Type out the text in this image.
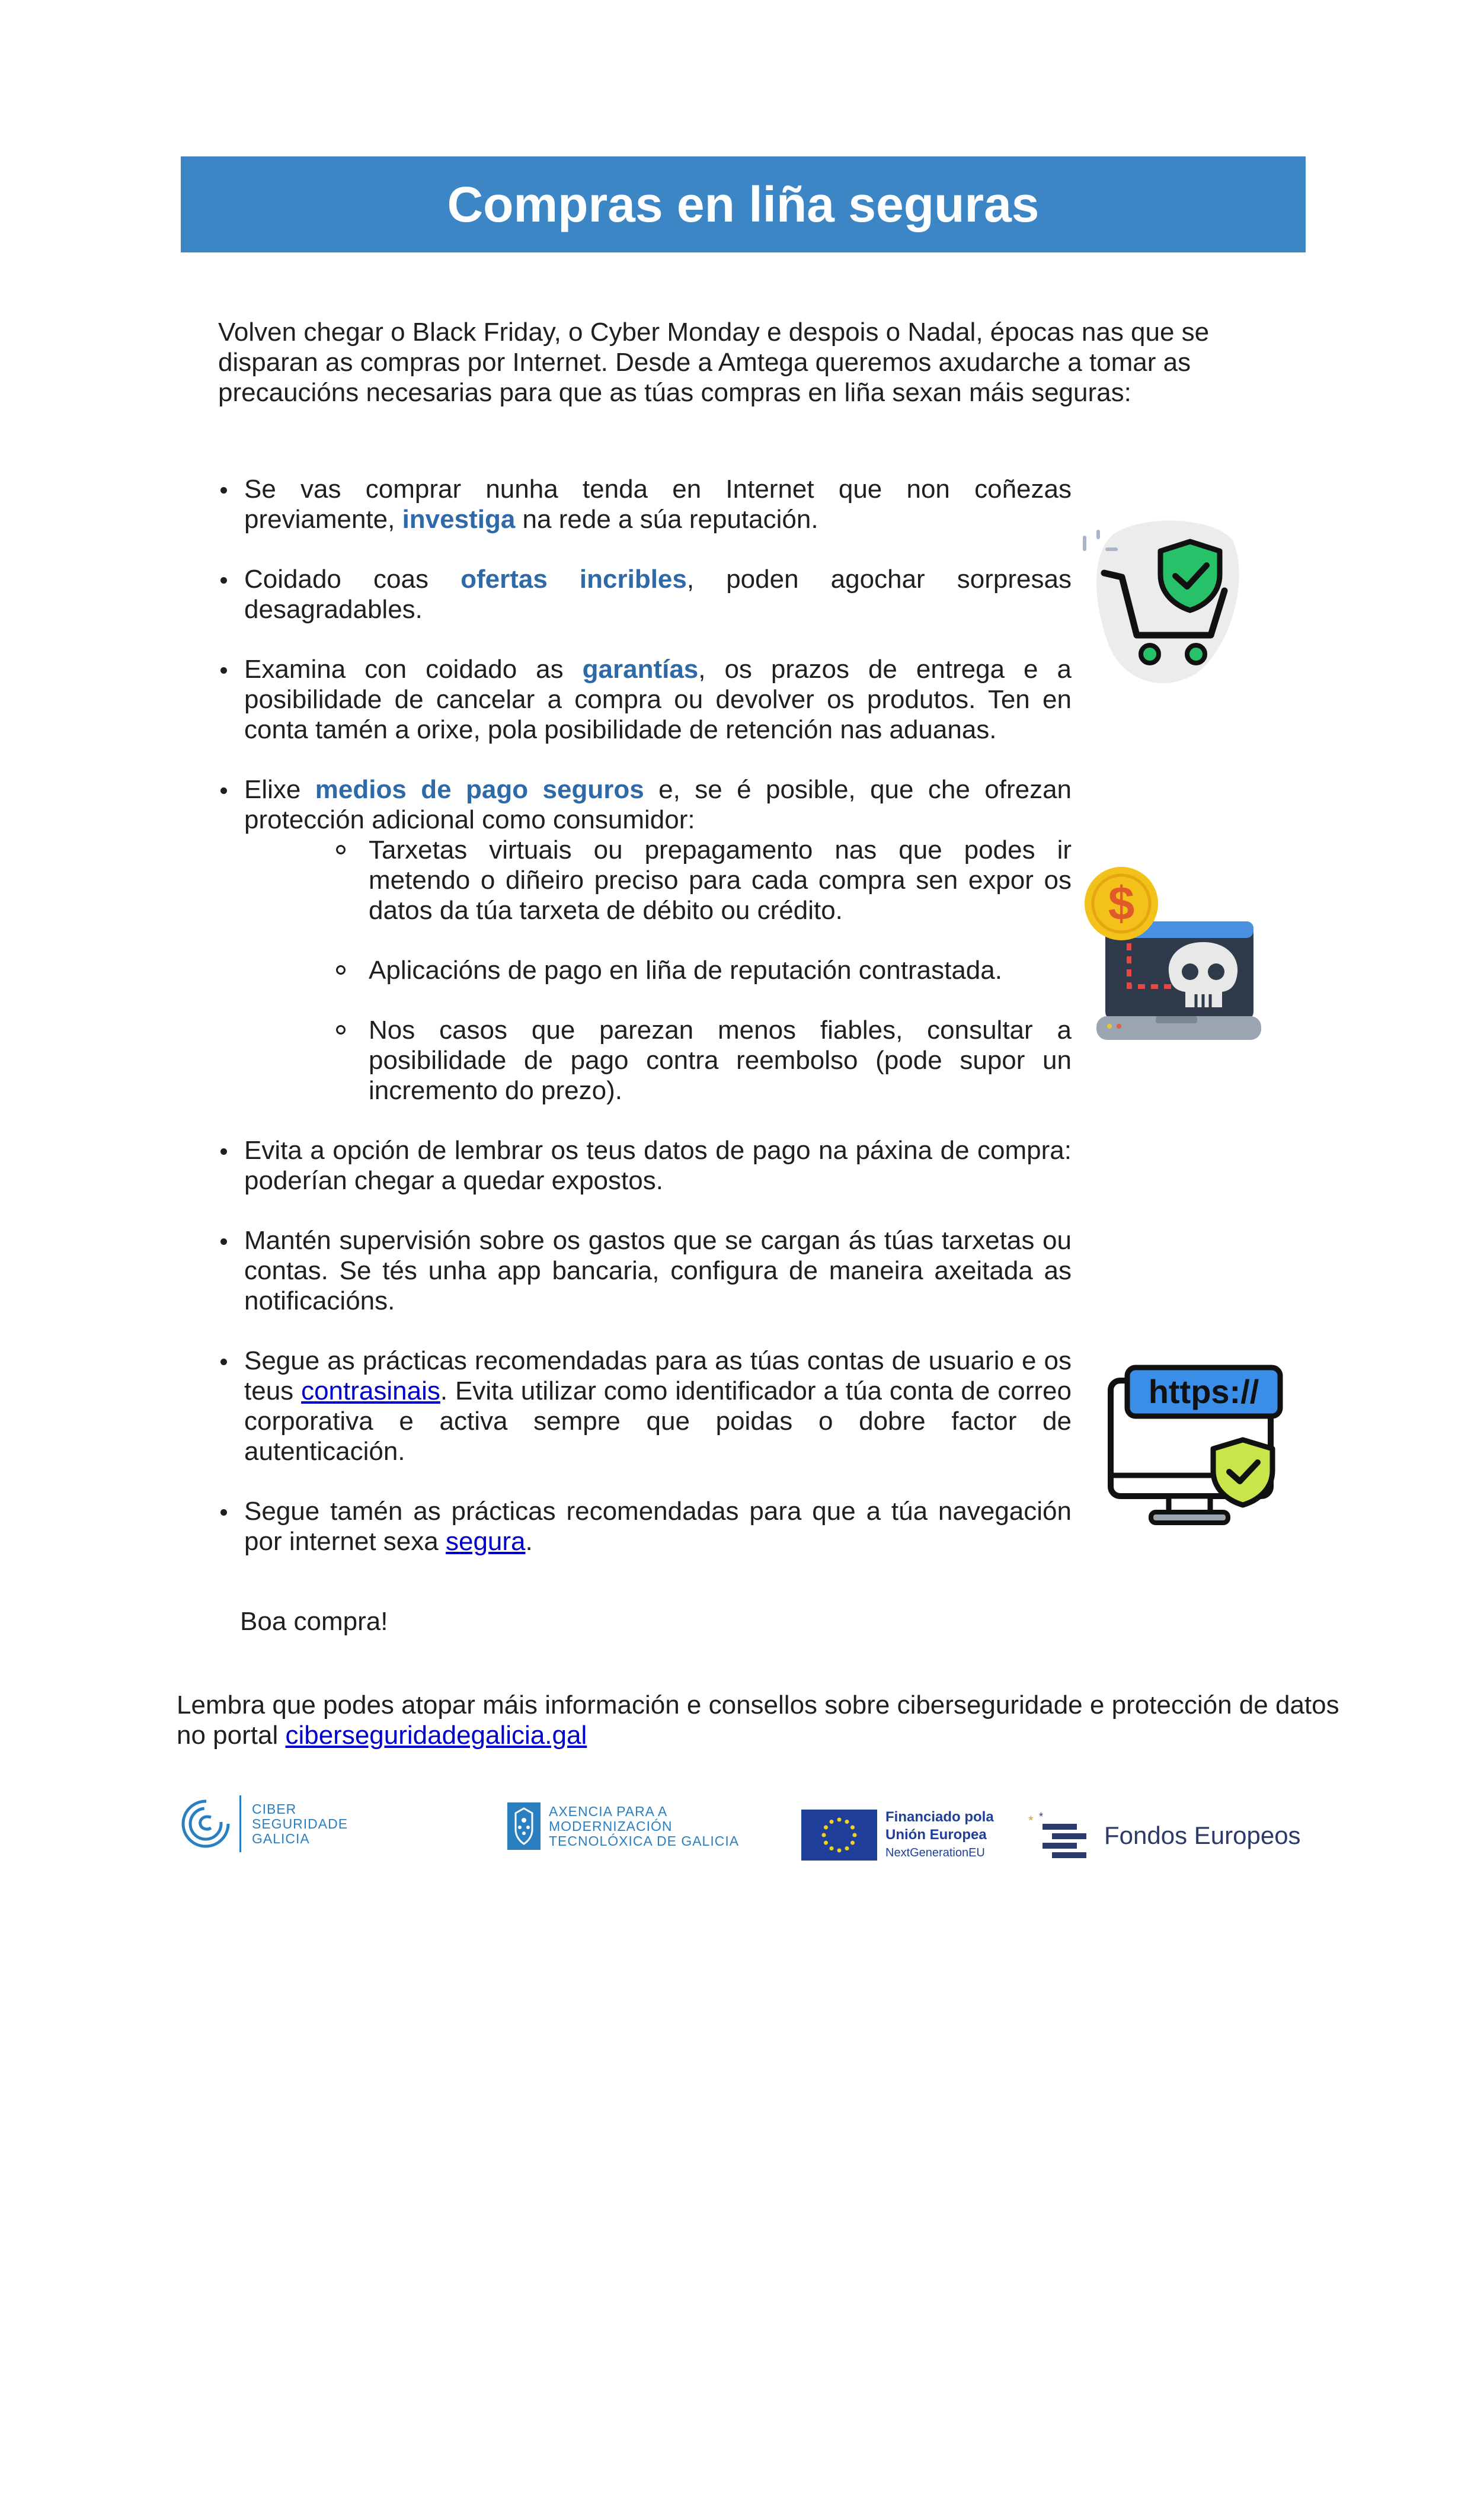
Compras en liña seguras

Volven chegar o Black Friday, o Cyber Monday e despois o Nadal, épocas nas que se disparan as compras por Internet. Desde a Amtega queremos axudarche a tomar as precaucións necesarias para que as túas compras en liña sexan máis seguras:

Se vas comprar nunha tenda en Internet que non coñezas previamente, investiga na rede a súa reputación.
Coidado coas ofertas incribles, poden agochar sorpresas desagradables.
Examina con coidado as garantías, os prazos de entrega e a posibilidade de cancelar a compra ou devolver os produtos. Ten en conta tamén a orixe, pola posibilidade de retención nas aduanas.
Elixe medios de pago seguros e, se é posible, que che ofrezan protección adicional como consumidor:
Tarxetas virtuais ou prepagamento nas que podes ir metendo o diñeiro preciso para cada compra sen expor os datos da túa tarxeta de débito ou crédito.
Aplicacións de pago en liña de reputación contrastada.
Nos casos que parezan menos fiables, consultar a posibilidade de pago contra reembolso (pode supor un incremento do prezo).
Evita a opción de lembrar os teus datos de pago na páxina de compra: poderían chegar a quedar expostos.
Mantén supervisión sobre os gastos que se cargan ás túas tarxetas ou contas. Se tés unha app bancaria, configura de maneira axeitada as notificacións.
Segue as prácticas recomendadas para as túas contas de usuario e os teus contrasinais. Evita utilizar como identificador a túa conta de correo corporativa e activa sempre que poidas o dobre factor de autenticación.
Segue tamén as prácticas recomendadas para que a túa navegación por internet sexa segura.

Boa compra!

Lembra que podes atopar máis información e consellos sobre ciberseguridade e protección de datos no portal ciberseguridadegalicia.gal

$
https://
CIBER
SEGURIDADE
GALICIA
AXENCIA PARA A
MODERNIZACIÓN
TECNOLÓXICA DE GALICIA
Financiado pola
Unión Europea
NextGenerationEU
* *
Fondos Europeos
